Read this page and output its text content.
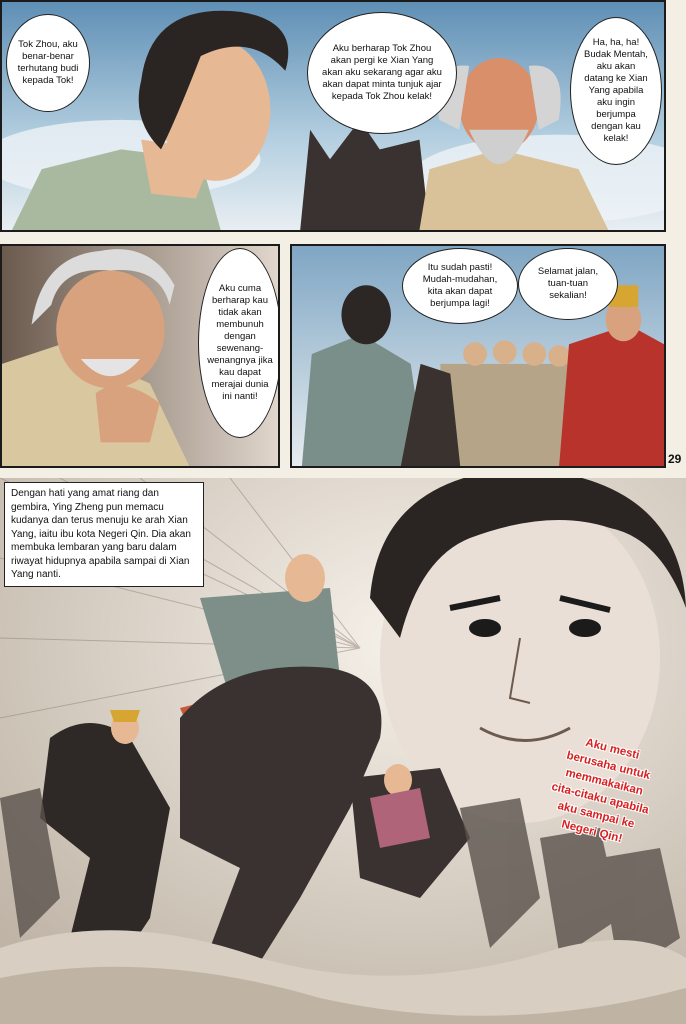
Tok Zhou, aku benar-benar terhutang budi kepada Tok!
Aku berharap Tok Zhou akan pergi ke Xian Yang akan aku sekarang agar aku akan dapat minta tunjuk ajar kepada Tok Zhou kelak!
Ha, ha, ha! Budak Mentah, aku akan datang ke Xian Yang apabila aku ingin berjumpa dengan kau kelak!
Aku cuma berharap kau tidak akan membunuh dengan sewenang-wenangnya jika kau dapat merajai dunia ini nanti!
Itu sudah pasti! Mudah-mudahan, kita akan dapat berjumpa lagi!
Selamat jalan, tuan-tuan sekalian!
29
Dengan hati yang amat riang dan gembira, Ying Zheng pun memacu kudanya dan terus menuju ke arah Xian Yang, iaitu ibu kota Negeri Qin. Dia akan membuka lembaran yang baru dalam riwayat hidupnya apabila sampai di Xian Yang nanti.
Aku mesti berusaha untuk memmakaikan cita-citaku apabila aku sampai ke Negeri Qin!
